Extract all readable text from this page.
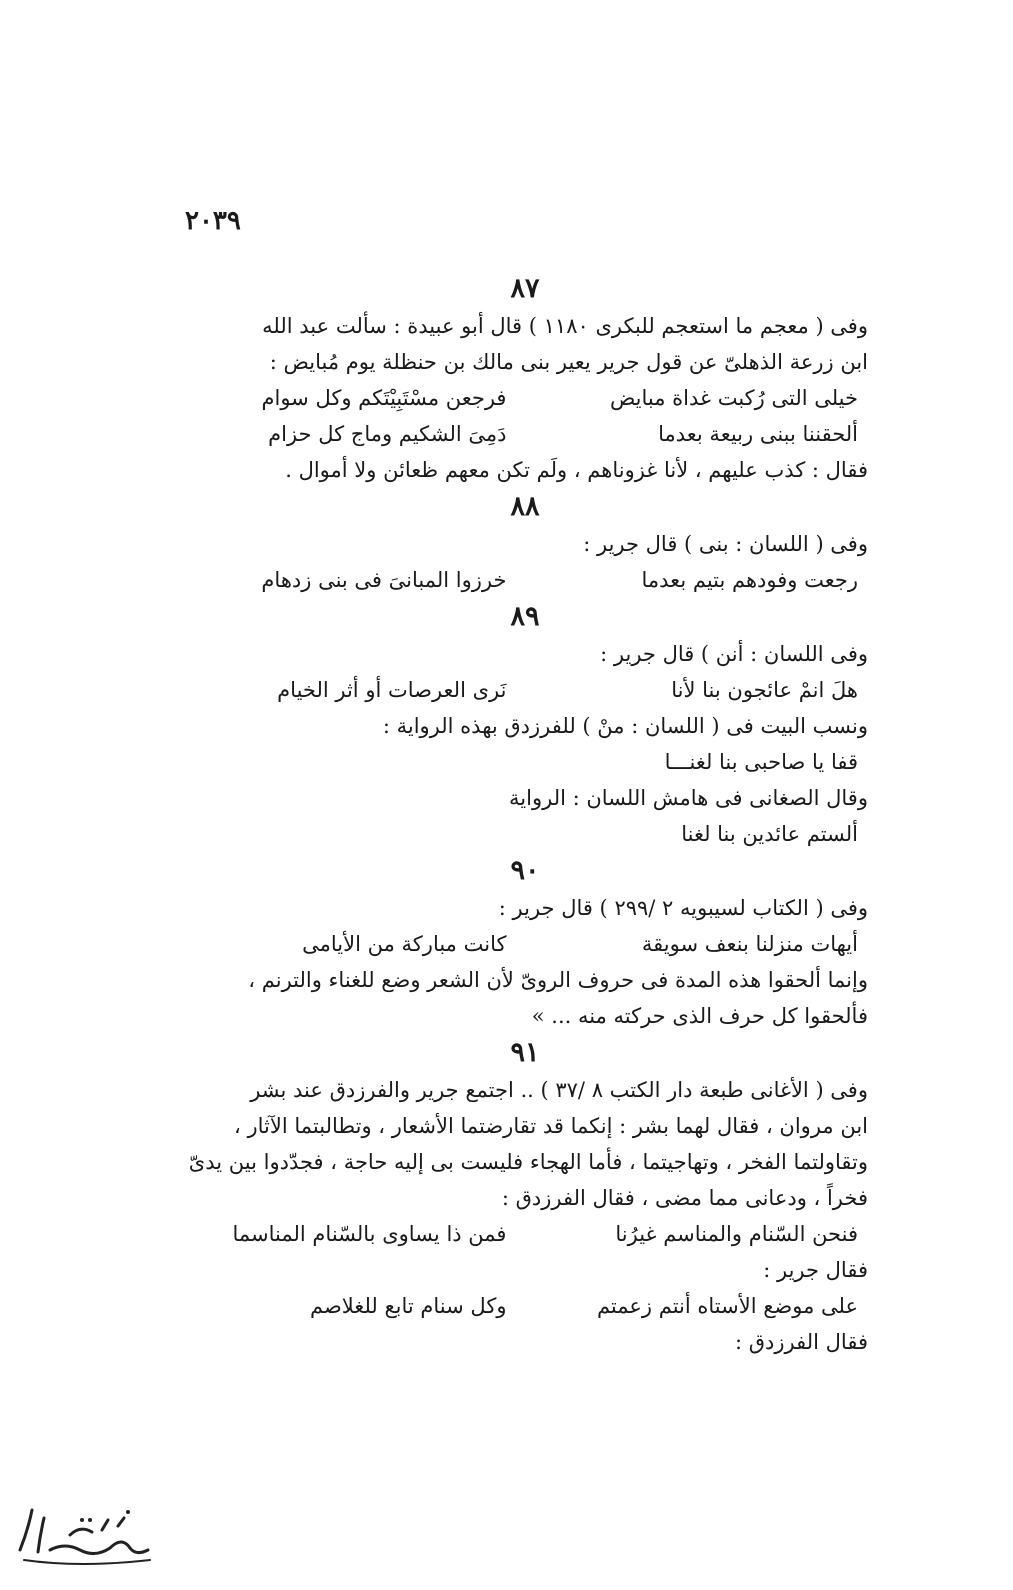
٢٠٣٩
٨٧

وفى ( معجم ما استعجم للبكرى ١١٨٠ ) قال أبو عبيدة : سألت عبد الله

ابن زرعة الذهلىّ عن قول جرير يعير بنى مالك بن حنظلة يوم مُبايض :

خيلى التى رُكبت غداة مبايض
فرجعن مسْتَبِيْتَكم وكل سوام
ألحقننا ببنى ربيعة بعدما
دَمِىَ الشكيم وماج كل حزام

فقال : كذب عليهم ، لأنا غزوناهم ، ولَم تكن معهم ظعائن ولا أموال .

٨٨

وفى ( اللسان : بنى ) قال جرير :

رجعت وفودهم بتيم بعدما
خرزوا المبانىَ فى بنى زدهام
٨٩

وفى اللسان : أنن ) قال جرير :

هلَ انمْ عائجون بنا لأنا
نَرى العرصات أو أثر الخيام

ونسب البيت فى ( اللسان : منْ ) للفرزدق بهذه الرواية :

قفا يا صاحبى بنا لغنـــا

وقال الصغانى فى هامش اللسان : الرواية

ألستم عائدين بنا لغنا

٩٠

وفى ( الكتاب لسيبويه ٢ /٢٩٩ ) قال جرير :

أيهات منزلنا بنعف سويقة
كانت مباركة من الأيامى

وإنما ألحقوا هذه المدة فى حروف الروىّ لأن الشعر وضع للغناء والترنم ،

فألحقوا كل حرف الذى حركته منه ... »

٩١

وفى ( الأغانى طبعة دار الكتب ٨ /٣٧ ) .. اجتمع جرير والفرزدق عند بشر

ابن مروان ، فقال لهما بشر : إنكما قد تقارضتما الأشعار ، وتطالبتما الآثار ،

وتقاولتما الفخر ، وتهاجيتما ، فأما الهجاء فليست بى إليه حاجة ، فجدّدوا بين يدىّ

فخراً ، ودعانى مما مضى ، فقال الفرزدق :

فنحن السّنام والمناسم غيرُنا
فمن ذا يساوى بالسّنام المناسما

فقال جرير :

على موضع الأستاه أنتم زعمتم
وكل سنام تابع للغلاصم

فقال الفرزدق :
